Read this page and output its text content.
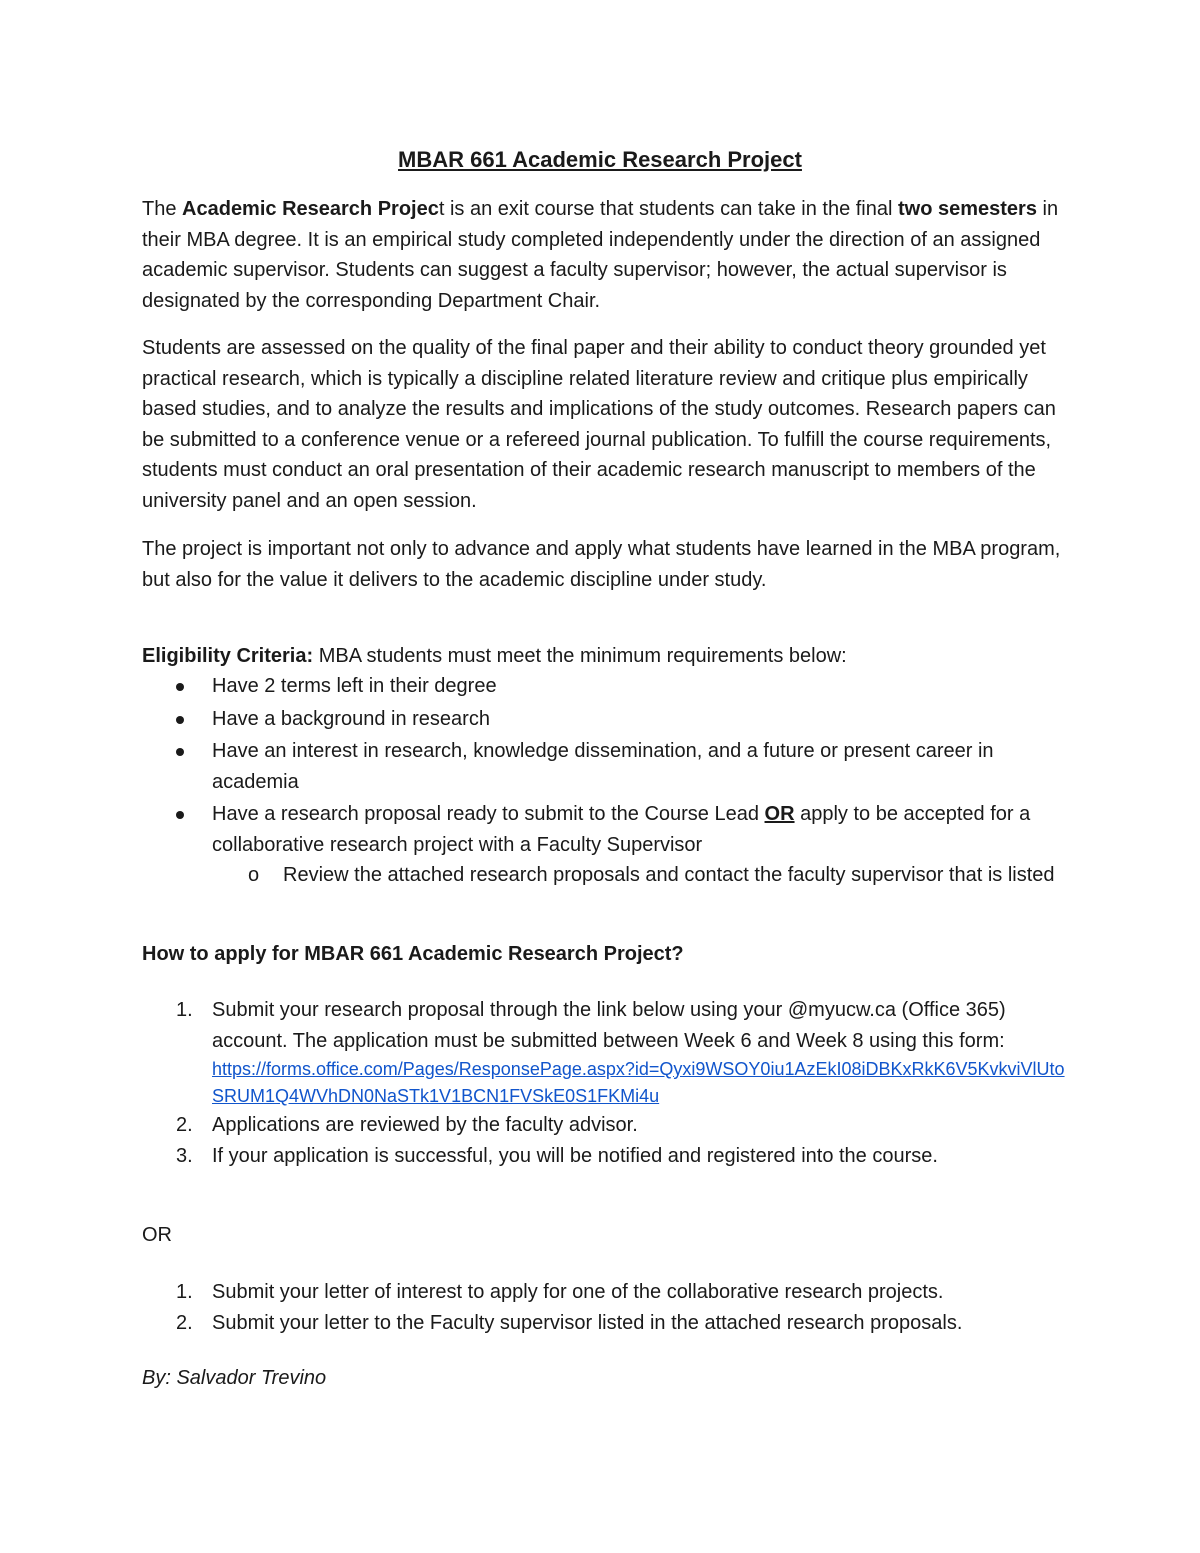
MBAR 661 Academic Research Project

The Academic Research Project is an exit course that students can take in the final two semesters in their MBA degree. It is an empirical study completed independently under the direction of an assigned academic supervisor. Students can suggest a faculty supervisor; however, the actual supervisor is designated by the corresponding Department Chair.

Students are assessed on the quality of the final paper and their ability to conduct theory grounded yet practical research, which is typically a discipline related literature review and critique plus empirically based studies, and to analyze the results and implications of the study outcomes. Research papers can be submitted to a conference venue or a refereed journal publication. To fulfill the course requirements, students must conduct an oral presentation of their academic research manuscript to members of the university panel and an open session.

The project is important not only to advance and apply what students have learned in the MBA program, but also for the value it delivers to the academic discipline under study.

Eligibility Criteria: MBA students must meet the minimum requirements below:
Have 2 terms left in their degree
Have a background in research
Have an interest in research, knowledge dissemination, and a future or present career in academia
Have a research proposal ready to submit to the Course Lead OR apply to be accepted for a collaborative research project with a Faculty Supervisor
o Review the attached research proposals and contact the faculty supervisor that is listed
How to apply for MBAR 661 Academic Research Project?
1. Submit your research proposal through the link below using your @myucw.ca (Office 365) account. The application must be submitted between Week 6 and Week 8 using this form:
https://forms.office.com/Pages/ResponsePage.aspx?id=Qyxi9WSOY0iu1AzEkI08iDBKxRkK6V5KvkviVlUtoSRUM1Q4WVhDN0NaSTk1V1BCN1FVSkE0S1FKMi4u
2. Applications are reviewed by the faculty advisor.
3. If your application is successful, you will be notified and registered into the course.
OR
1. Submit your letter of interest to apply for one of the collaborative research projects.
2. Submit your letter to the Faculty supervisor listed in the attached research proposals.
By: Salvador Trevino
